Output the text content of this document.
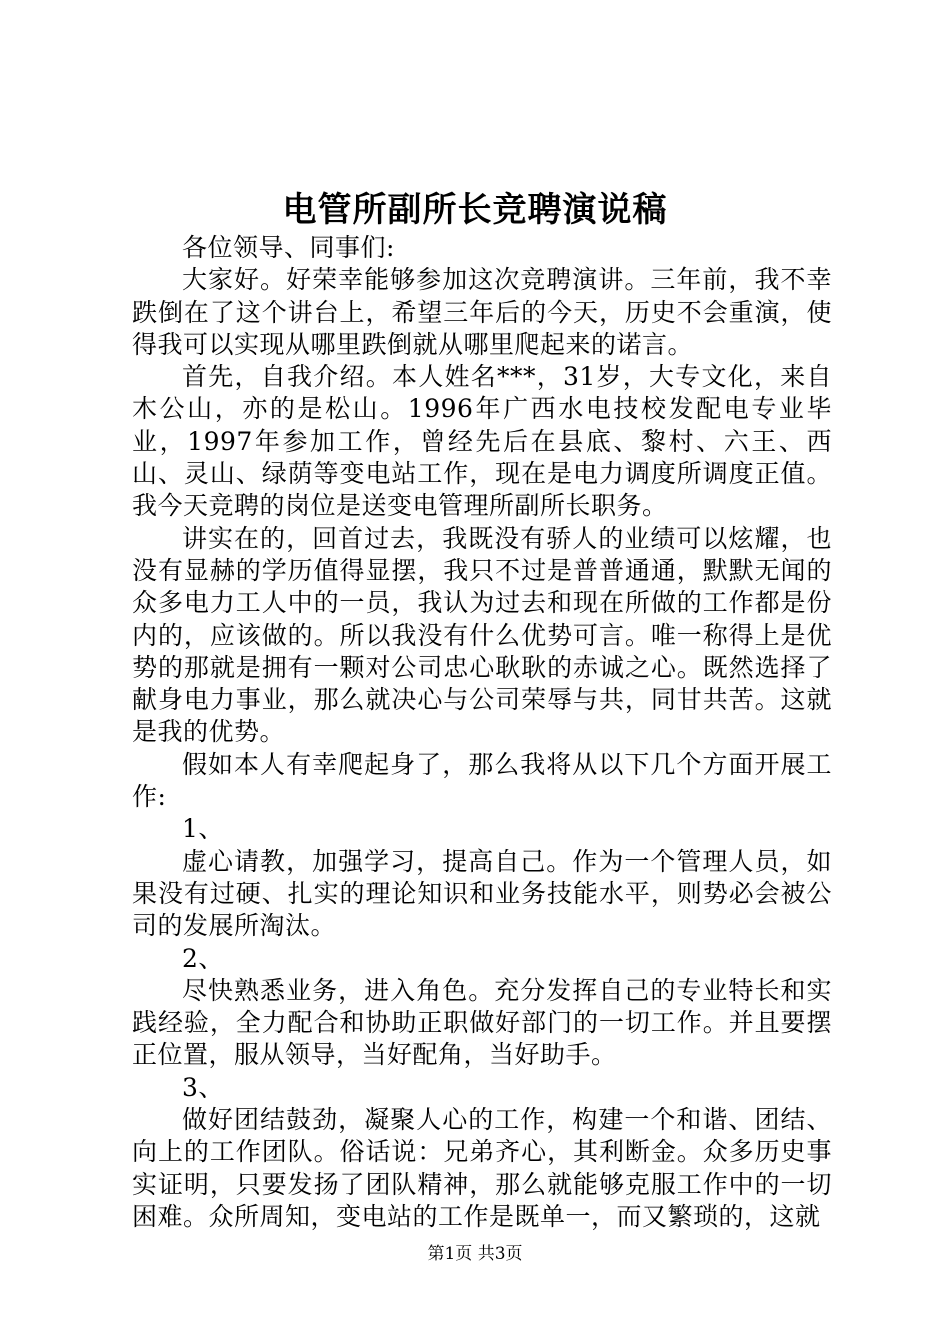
电管所副所长竞聘演说稿

各位领导、同事们:

大家好。好荣幸能够参加这次竞聘演讲。三年前，我不幸跌倒在了这个讲台上，希望三年后的今天，历史不会重演，使得我可以实现从哪里跌倒就从哪里爬起来的诺言。

首先，自我介绍。本人姓名***，31岁，大专文化，来自木公山，亦的是松山。1996年广西水电技校发配电专业毕业，1997年参加工作，曾经先后在县底、黎村、六王、西山、灵山、绿荫等变电站工作，现在是电力调度所调度正值。我今天竞聘的岗位是送变电管理所副所长职务。

讲实在的，回首过去，我既没有骄人的业绩可以炫耀，也没有显赫的学历值得显摆，我只不过是普普通通，默默无闻的众多电力工人中的一员，我认为过去和现在所做的工作都是份内的，应该做的。所以我没有什么优势可言。唯一称得上是优势的那就是拥有一颗对公司忠心耿耿的赤诚之心。既然选择了献身电力事业，那么就决心与公司荣辱与共，同甘共苦。这就是我的优势。

假如本人有幸爬起身了，那么我将从以下几个方面开展工作:

1、

虚心请教，加强学习，提高自己。作为一个管理人员，如果没有过硬、扎实的理论知识和业务技能水平，则势必会被公司的发展所淘汰。

2、

尽快熟悉业务，进入角色。充分发挥自己的专业特长和实践经验，全力配合和协助正职做好部门的一切工作。并且要摆正位置，服从领导，当好配角，当好助手。

3、

做好团结鼓劲，凝聚人心的工作，构建一个和谐、团结、向上的工作团队。俗话说：兄弟齐心，其利断金。众多历史事实证明，只要发扬了团队精神，那么就能够克服工作中的一切困难。众所周知，变电站的工作是既单一，而又繁琐的，这就

第1页 共3页
